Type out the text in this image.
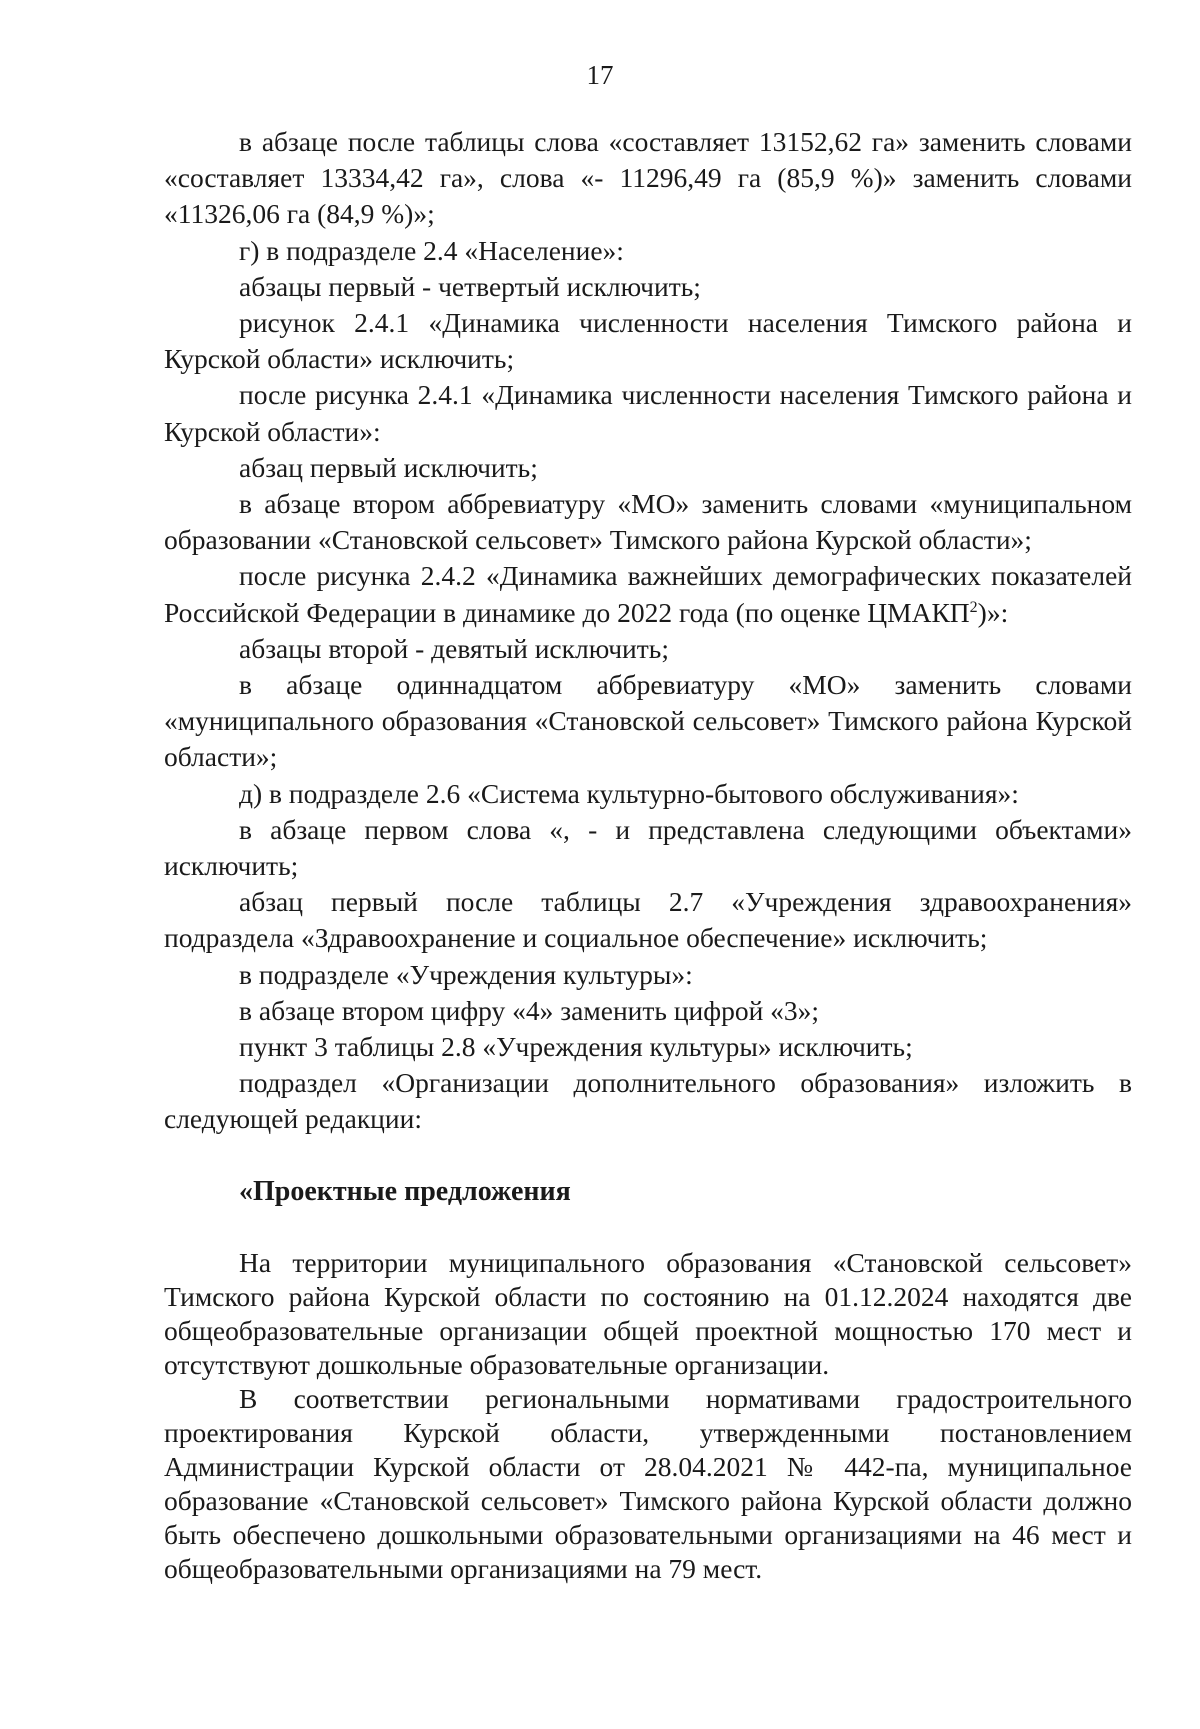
17

в абзаце после таблицы слова «составляет 13152,62 га» заменить словами «составляет 13334,42 га», слова «- 11296,49 га (85,9 %)» заменить словами «11326,06 га (84,9 %)»;

г) в подразделе 2.4 «Население»:

абзацы первый - четвертый исключить;

рисунок 2.4.1 «Динамика численности населения Тимского района и Курской области» исключить;

после рисунка 2.4.1 «Динамика численности населения Тимского района и Курской области»:

абзац первый исключить;

в абзаце втором аббревиатуру «МО» заменить словами «муниципальном образовании «Становской сельсовет» Тимского района Курской области»;

после рисунка 2.4.2 «Динамика важнейших демографических показателей Российской Федерации в динамике до 2022 года (по оценке ЦМАКП$^2$)»:

абзацы второй - девятый исключить;

в абзаце одиннадцатом аббревиатуру «МО» заменить словами «муниципального образования «Становской сельсовет» Тимского района Курской области»;

д) в подразделе 2.6 «Система культурно-бытового обслуживания»:

в абзаце первом слова «, - и представлена следующими объектами» исключить;

абзац первый после таблицы 2.7 «Учреждения здравоохранения» подраздела «Здравоохранение и социальное обеспечение» исключить;

в подразделе «Учреждения культуры»:

в абзаце втором цифру «4» заменить цифрой «3»;

пункт 3 таблицы 2.8 «Учреждения культуры» исключить;

подраздел «Организации дополнительного образования» изложить в следующей редакции:

«Проектные предложения

На территории муниципального образования «Становской сельсовет» Тимского района Курской области по состоянию на 01.12.2024 находятся две общеобразовательные организации общей проектной мощностью 170 мест и отсутствуют дошкольные образовательные организации.

В соответствии региональными нормативами градостроительного проектирования Курской области, утвержденными постановлением Администрации Курской области от 28.04.2021 № 442-па, муниципальное образование «Становской сельсовет» Тимского района Курской области должно быть обеспечено дошкольными образовательными организациями на 46 мест и общеобразовательными организациями на 79 мест.
